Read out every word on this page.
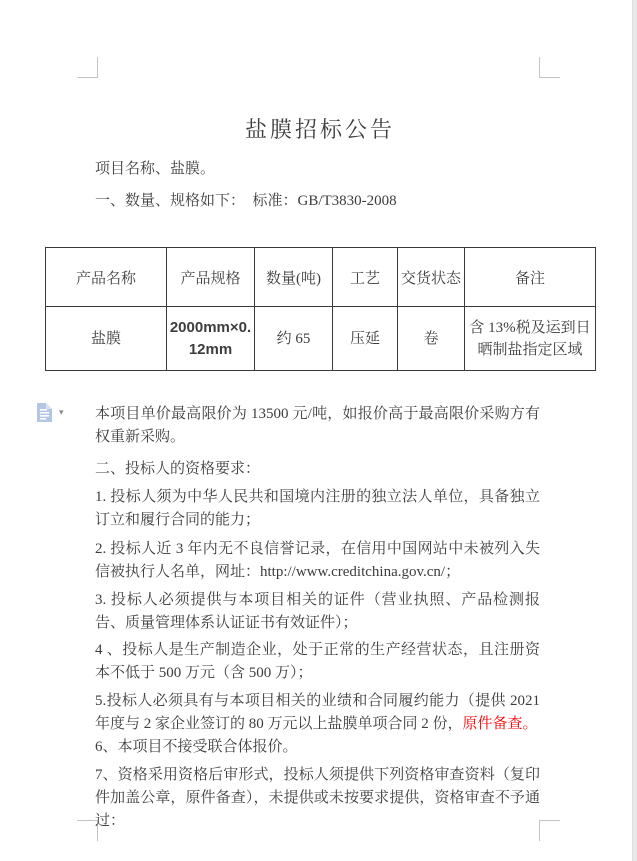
▾
盐膜招标公告

项目名称、盐膜。

一、数量、规格如下：　标准：GB/T3830-2008

产品名称	产品规格	数量(吨)	工艺	交货状态	备注
盐膜	2000mm×0.12mm	约 65	压延	卷	含 13%税及运到日晒制盐指定区域

本项目单价最高限价为 13500 元/吨，如报价高于最高限价采购方有权重新采购。

二、投标人的资格要求：

1. 投标人须为中华人民共和国境内注册的独立法人单位，具备独立订立和履行合同的能力；

2. 投标人近 3 年内无不良信誉记录，在信用中国网站中未被列入失信被执行人名单，网址：http://www.creditchina.gov.cn/；

3. 投标人必须提供与本项目相关的证件（营业执照、产品检测报告、质量管理体系认证证书有效证件）；

4 、投标人是生产制造企业，处于正常的生产经营状态，且注册资本不低于 500 万元（含 500 万）；

5.投标人必须具有与本项目相关的业绩和合同履约能力（提供 2021 年度与 2 家企业签订的 80 万元以上盐膜单项合同 2 份，原件备查。

6、本项目不接受联合体报价。

7、资格采用资格后审形式，投标人须提供下列资格审查资料（复印件加盖公章，原件备查），未提供或未按要求提供，资格审查不予通过：
